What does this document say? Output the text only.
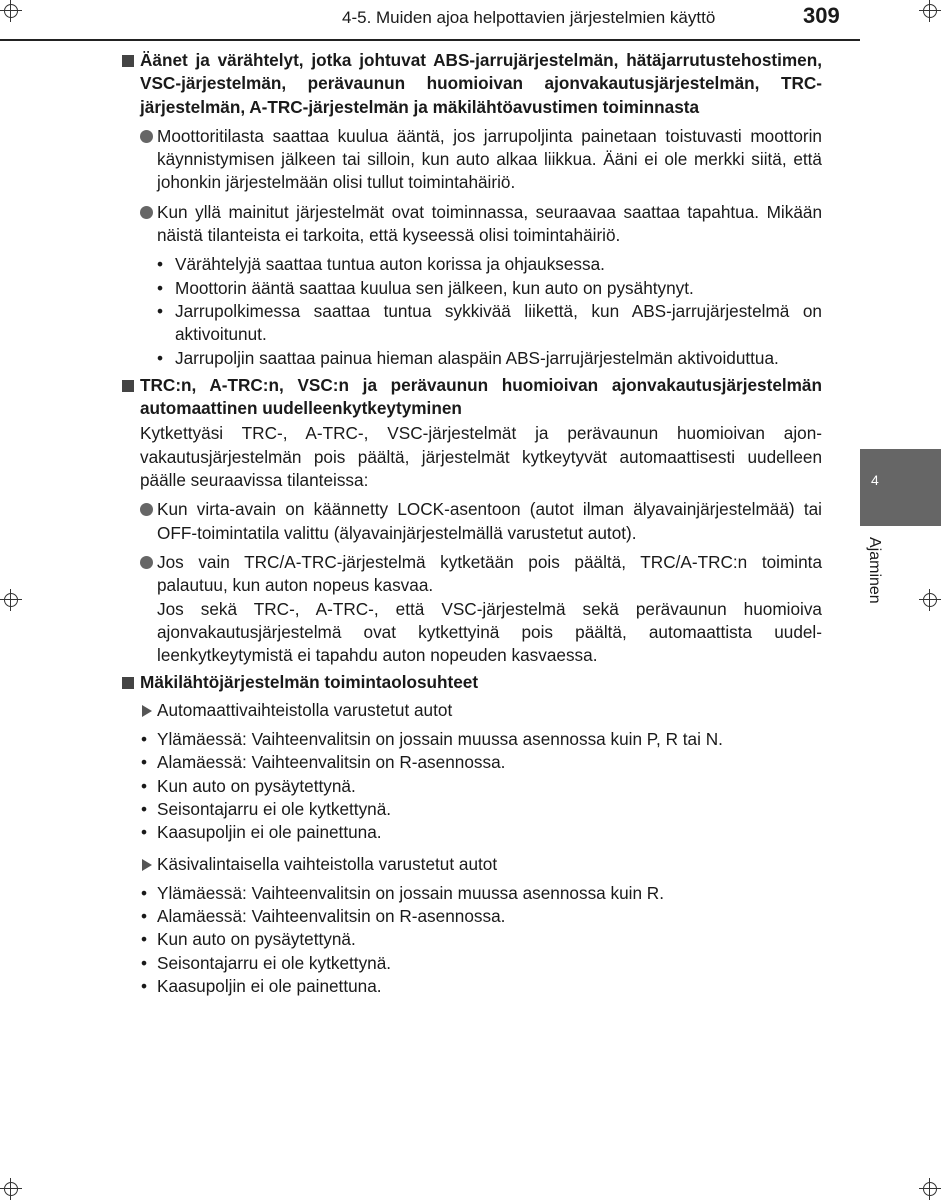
4-5. Muiden ajoa helpottavien järjestelmien käyttö	309
4
Ajaminen
Äänet ja värähtelyt, jotka johtuvat ABS-jarrujärjestelmän, hätäjarrutustehostimen, VSC-järjestelmän, perävaunun huomioivan ajonvakautusjärjestelmän, TRC-järjestelmän, A-TRC-järjestelmän ja mäkilähtöavustimen toiminnasta
Moottoritilasta saattaa kuulua ääntä, jos jarrupoljinta painetaan toistuvasti moottorin käynnistymisen jälkeen tai silloin, kun auto alkaa liikkua. Ääni ei ole merkki siitä, että johonkin järjestelmään olisi tullut toimintahäiriö.
Kun yllä mainitut järjestelmät ovat toiminnassa, seuraavaa saattaa tapahtua. Mikään näistä tilanteista ei tarkoita, että kyseessä olisi toimintahäiriö.
• Värähtelyjä saattaa tuntua auton korissa ja ohjauksessa.
• Moottorin ääntä saattaa kuulua sen jälkeen, kun auto on pysähtynyt.
• Jarrupolkimessa saattaa tuntua sykkivää liikettä, kun ABS-jarrujärjestelmä on aktivoitunut.
• Jarrupoljin saattaa painua hieman alaspäin ABS-jarrujärjestelmän aktivoiduttua.
TRC:n, A-TRC:n, VSC:n ja perävaunun huomioivan ajonvakautusjärjestelmän automaattinen uudelleenkytkeytyminen
Kytkettyäsi TRC-, A-TRC-, VSC-järjestelmät ja perävaunun huomioivan ajonvakautusjärjestelmän pois päältä, järjestelmät kytkeytyvät automaattisesti uudelleen päälle seuraavissa tilanteissa:
Kun virta-avain on käännetty LOCK-asentoon (autot ilman älyavainjärjestelmää) tai OFF-toimintatila valittu (älyavainjärjestelmällä varustetut autot).
Jos vain TRC/A-TRC-järjestelmä kytketään pois päältä, TRC/A-TRC:n toiminta palautuu, kun auton nopeus kasvaa.
Jos sekä TRC-, A-TRC-, että VSC-järjestelmä sekä perävaunun huomioiva ajonvakautusjärjestelmä ovat kytkettyinä pois päältä, automaattista uudelleenkytkeytymistä ei tapahdu auton nopeuden kasvaessa.
Mäkilähtöjärjestelmän toimintaolosuhteet
Automaattivaihteistolla varustetut autot
• Ylämäessä: Vaihteenvalitsin on jossain muussa asennossa kuin P, R tai N.
• Alamäessä: Vaihteenvalitsin on R-asennossa.
• Kun auto on pysäytettynä.
• Seisontajarru ei ole kytkettynä.
• Kaasupoljin ei ole painettuna.
Käsivalintaisella vaihteistolla varustetut autot
• Ylämäessä: Vaihteenvalitsin on jossain muussa asennossa kuin R.
• Alamäessä: Vaihteenvalitsin on R-asennossa.
• Kun auto on pysäytettynä.
• Seisontajarru ei ole kytkettynä.
• Kaasupoljin ei ole painettuna.
